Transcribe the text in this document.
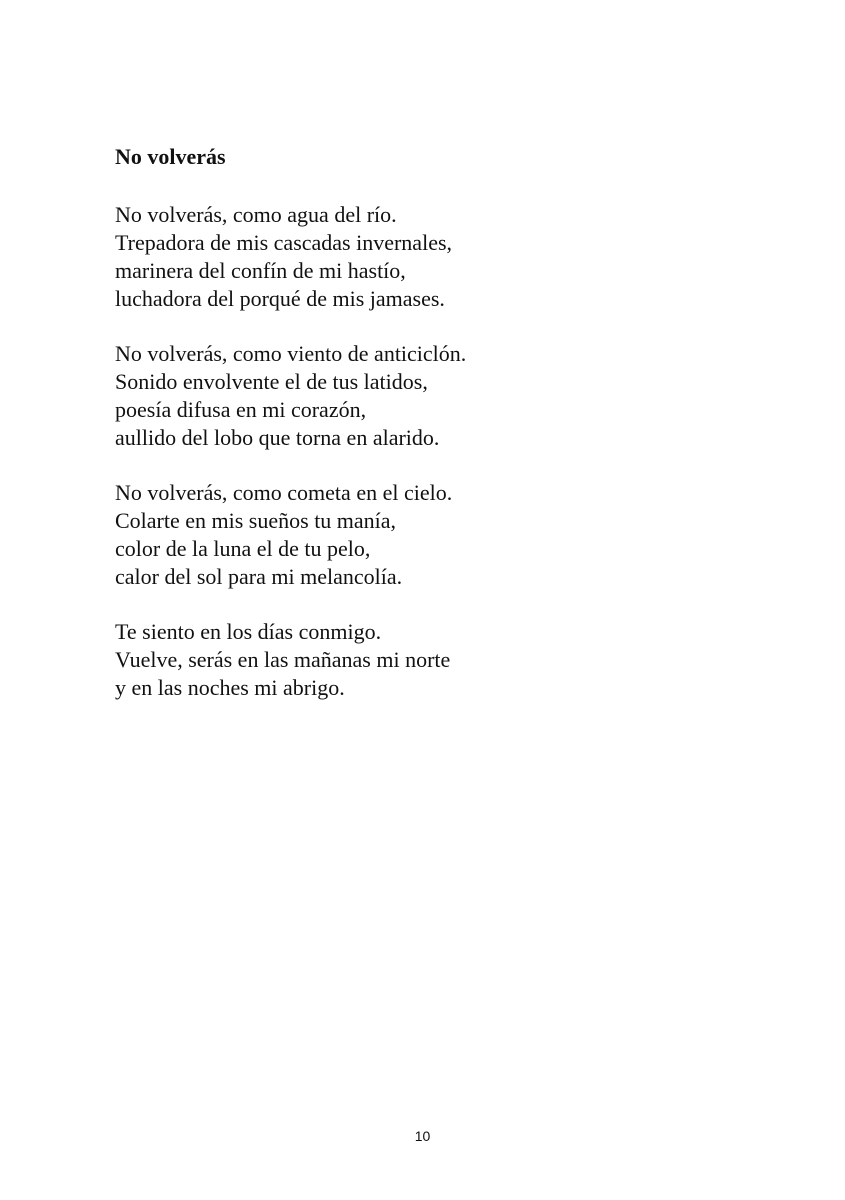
No volverás
No volverás, como agua del río.
Trepadora de mis cascadas invernales,
marinera del confín de mi hastío,
luchadora del porqué de mis jamases.
No volverás, como viento de anticiclón.
Sonido envolvente el de tus latidos,
poesía difusa en mi corazón,
aullido del lobo que torna en alarido.
No volverás, como cometa en el cielo.
Colarte en mis sueños tu manía,
color de la luna el de tu pelo,
calor del sol para mi melancolía.
Te siento en los días conmigo.
Vuelve, serás en las mañanas mi norte
y en las noches mi abrigo.
10
